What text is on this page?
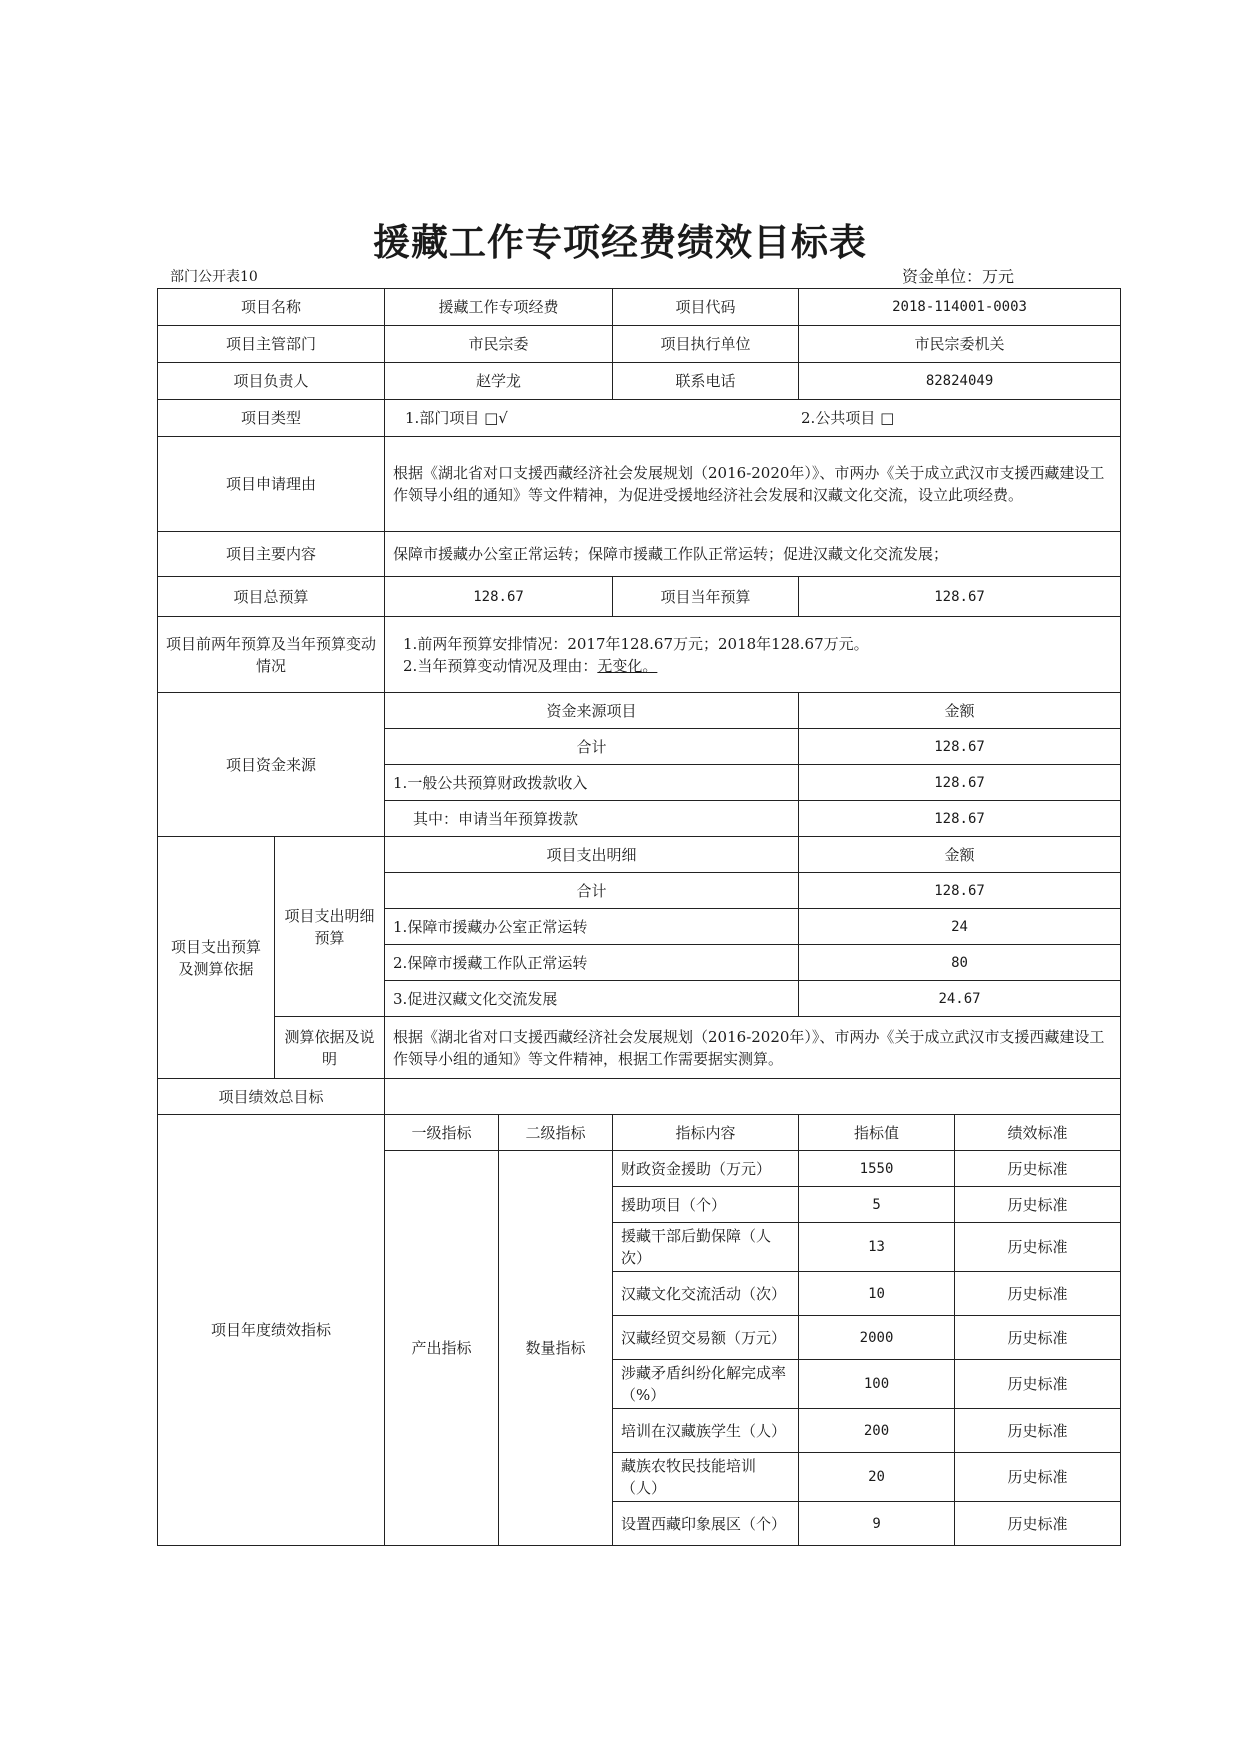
援藏工作专项经费绩效目标表
部门公开表10	资金单位：万元
项目名称		援藏工作专项经费		项目代码	2018-114001-0003	
项目主管部门		市民宗委		项目执行单位	市民宗委机关	
项目负责人		赵学龙		联系电话	82824049	
项目类型		1.部门项目 □√ 2.公共项目 □				
项目申请理由		根据《湖北省对口支援西藏经济社会发展规划（2016-2020年）》、市两办《关于成立武汉市支援西藏建设工作领导小组的通知》等文件精神，为促进受援地经济社会发展和汉藏文化交流，设立此项经费。				
项目主要内容		保障市援藏办公室正常运转；保障市援藏工作队正常运转；促进汉藏文化交流发展；				
项目总预算		128.67		项目当年预算	128.67	
项目前两年预算及当年预算变动情况		1.前两年预算安排情况：2017年128.67万元；2018年128.67万元。
2.当年预算变动情况及理由：无变化。				

项目资金来源		资金来源项目			金额	
		合计			128.67	
		1.一般公共预算财政拨款收入			128.67	
		其中：申请当年预算拨款			128.67	
项目支出预算及测算依据	项目支出明细预算	项目支出明细			金额	
		合计			128.67	
		1.保障市援藏办公室正常运转			24	
		2.保障市援藏工作队正常运转			80	
		3.促进汉藏文化交流发展			24.67	
	测算依据及说明	根据《湖北省对口支援西藏经济社会发展规划（2016-2020年）》、市两办《关于成立武汉市支援西藏建设工作领导小组的通知》等文件精神，根据工作需要据实测算。				
项目绩效总目标						
项目年度绩效指标		一级指标	二级指标	指标内容	指标值	绩效标准
		产出指标	数量指标	财政资金援助（万元）	1550	历史标准
				援助项目（个）	5	历史标准
				援藏干部后勤保障（人次）	13	历史标准
				汉藏文化交流活动（次）	10	历史标准
				汉藏经贸交易额（万元）	2000	历史标准
				涉藏矛盾纠纷化解完成率（%）	100	历史标准
				培训在汉藏族学生（人）	200	历史标准
				藏族农牧民技能培训（人）	20	历史标准
				设置西藏印象展区（个）	9	历史标准
